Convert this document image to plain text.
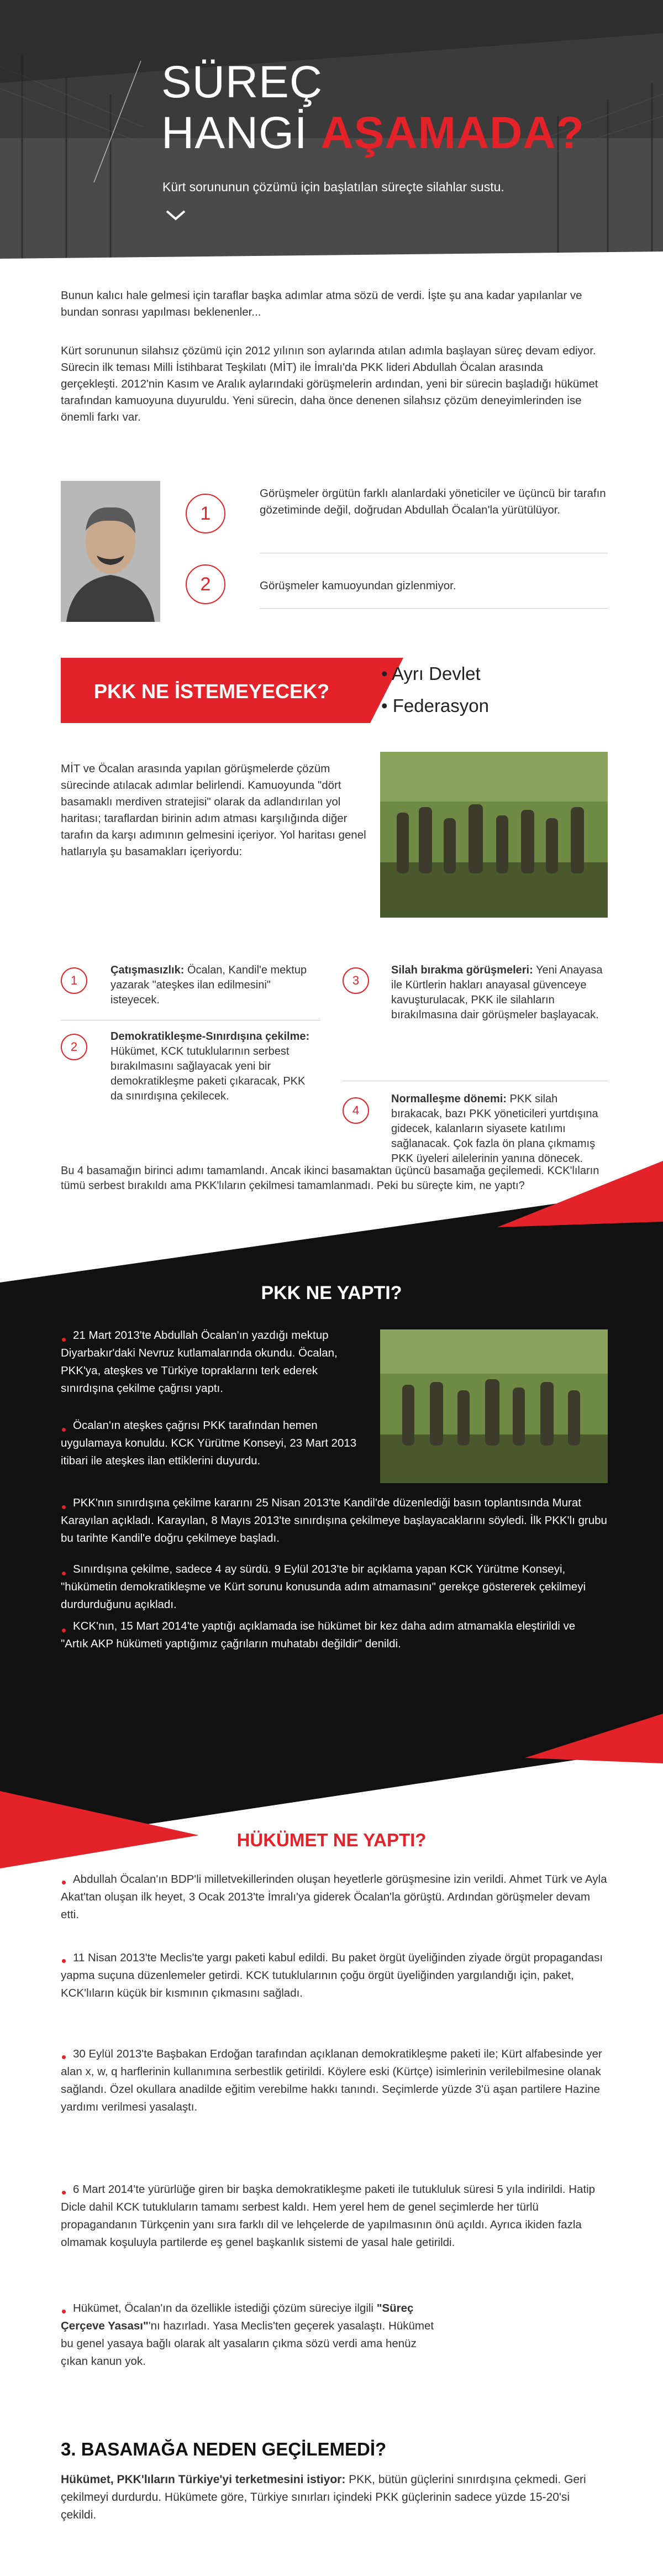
SÜREÇ
HANGİ AŞAMADA?
Kürt sorununun çözümü için başlatılan süreçte silahlar sustu.
Bunun kalıcı hale gelmesi için taraflar başka adımlar atma sözü de verdi. İşte şu ana kadar yapılanlar ve bundan sonrası yapılması beklenenler...
Kürt sorununun silahsız çözümü için 2012 yılının son aylarında atılan adımla başlayan süreç devam ediyor. Sürecin ilk teması Milli İstihbarat Teşkilatı (MİT) ile İmralı'da PKK lideri Abdullah Öcalan arasında gerçekleşti. 2012'nin Kasım ve Aralık aylarındaki görüşmelerin ardından, yeni bir sürecin başladığı hükümet tarafından kamuoyuna duyuruldu. Yeni sürecin, daha önce denenen silahsız çözüm deneyimlerinden ise önemli farkı var.
1
Görüşmeler örgütün farklı alanlardaki yöneticiler ve üçüncü bir tarafın gözetiminde değil, doğrudan Abdullah Öcalan'la yürütülüyor.
2	Görüşmeler kamuoyundan gizlenmiyor.
PKK NE İSTEMEYECEK?
• Ayrı Devlet
• Federasyon
MİT ve Öcalan arasında yapılan görüşmelerde çözüm sürecinde atılacak adımlar belirlendi. Kamuoyunda "dört basamaklı merdiven stratejisi" olarak da adlandırılan yol haritası; taraflardan birinin adım atması karşılığında diğer tarafın da karşı adımının gelmesini içeriyor. Yol haritası genel hatlarıyla şu basamakları içeriyordu:
1
Çatışmasızlık: Öcalan, Kandil'e mektup yazarak "ateşkes ilan edilmesini" isteyecek.
2
Demokratikleşme-Sınırdışına çekilme: Hükümet, KCK tutuklularının serbest bırakılmasını sağlayacak yeni bir demokratikleşme paketi çıkaracak, PKK da sınırdışına çekilecek.
3
Silah bırakma görüşmeleri: Yeni Anayasa ile Kürtlerin hakları anayasal güvenceye kavuşturulacak, PKK ile silahların bırakılmasına dair görüşmeler başlayacak.
4
Normalleşme dönemi: PKK silah bırakacak, bazı PKK yöneticileri yurtdışına gidecek, kalanların siyasete katılımı sağlanacak. Çok fazla ön plana çıkmamış PKK üyeleri ailelerinin yanına dönecek.
Bu 4 basamağın birinci adımı tamamlandı. Ancak ikinci basamaktan üçüncü basamağa geçilemedi. KCK'lıların tümü serbest bırakıldı ama PKK'lıların çekilmesi tamamlanmadı. Peki bu süreçte kim, ne yaptı?
PKK NE YAPTI?
21 Mart 2013'te Abdullah Öcalan'ın yazdığı mektup Diyarbakır'daki Nevruz kutlamalarında okundu. Öcalan, PKK'ya, ateşkes ve Türkiye topraklarını terk ederek sınırdışına çekilme çağrısı yaptı.
Öcalan'ın ateşkes çağrısı PKK tarafından hemen uygulamaya konuldu. KCK Yürütme Konseyi, 23 Mart 2013 itibari ile ateşkes ilan ettiklerini duyurdu.
PKK'nın sınırdışına çekilme kararını 25 Nisan 2013'te Kandil'de düzenlediği basın toplantısında Murat Karayılan açıkladı. Karayılan, 8 Mayıs 2013'te sınırdışına çekilmeye başlayacaklarını söyledi. İlk PKK'lı grubu bu tarihte Kandil'e doğru çekilmeye başladı.
Sınırdışına çekilme, sadece 4 ay sürdü. 9 Eylül 2013'te bir açıklama yapan KCK Yürütme Konseyi, "hükümetin demokratikleşme ve Kürt sorunu konusunda adım atmamasını" gerekçe göstererek çekilmeyi durdurduğunu açıkladı.
KCK'nın, 15 Mart 2014'te yaptığı açıklamada ise hükümet bir kez daha adım atmamakla eleştirildi ve "Artık AKP hükümeti yaptığımız çağrıların muhatabı değildir" denildi.
HÜKÜMET NE YAPTI?
Abdullah Öcalan'ın BDP'li milletvekillerinden oluşan heyetlerle görüşmesine izin verildi. Ahmet Türk ve Ayla Akat'tan oluşan ilk heyet, 3 Ocak 2013'te İmralı'ya giderek Öcalan'la görüştü. Ardından görüşmeler devam etti.
11 Nisan 2013'te Meclis'te yargı paketi kabul edildi. Bu paket örgüt üyeliğinden ziyade örgüt propagandası yapma suçuna düzenlemeler getirdi. KCK tutuklularının çoğu örgüt üyeliğinden yargılandığı için, paket, KCK'lıların küçük bir kısmının çıkmasını sağladı.
30 Eylül 2013'te Başbakan Erdoğan tarafından açıklanan demokratikleşme paketi ile; Kürt alfabesinde yer alan x, w, q harflerinin kullanımına serbestlik getirildi. Köylere eski (Kürtçe) isimlerinin verilebilmesine olanak sağlandı. Özel okullara anadilde eğitim verebilme hakkı tanındı. Seçimlerde yüzde 3'ü aşan partilere Hazine yardımı verilmesi yasalaştı.
6 Mart 2014'te yürürlüğe giren bir başka demokratikleşme paketi ile tutukluluk süresi 5 yıla indirildi. Hatip Dicle dahil KCK tutukluların tamamı serbest kaldı. Hem yerel hem de genel seçimlerde her türlü propagandanın Türkçenin yanı sıra farklı dil ve lehçelerde de yapılmasının önü açıldı. Ayrıca ikiden fazla olmamak koşuluyla partilerde eş genel başkanlık sistemi de yasal hale getirildi.
Hükümet, Öcalan'ın da özellikle istediği çözüm süreciye ilgili "Süreç Çerçeve Yasası"'nı hazırladı. Yasa Meclis'ten geçerek yasalaştı. Hükümet bu genel yasaya bağlı olarak alt yasaların çıkma sözü verdi ama henüz çıkan kanun yok.
3. BASAMAĞA NEDEN GEÇİLEMEDİ?
Hükümet, PKK'lıların Türkiye'yi terketmesini istiyor: PKK, bütün güçlerini sınırdışına çekmedi. Geri çekilmeyi durdurdu. Hükümete göre, Türkiye sınırları içindeki PKK güçlerinin sadece yüzde 15-20'si çekildi.
